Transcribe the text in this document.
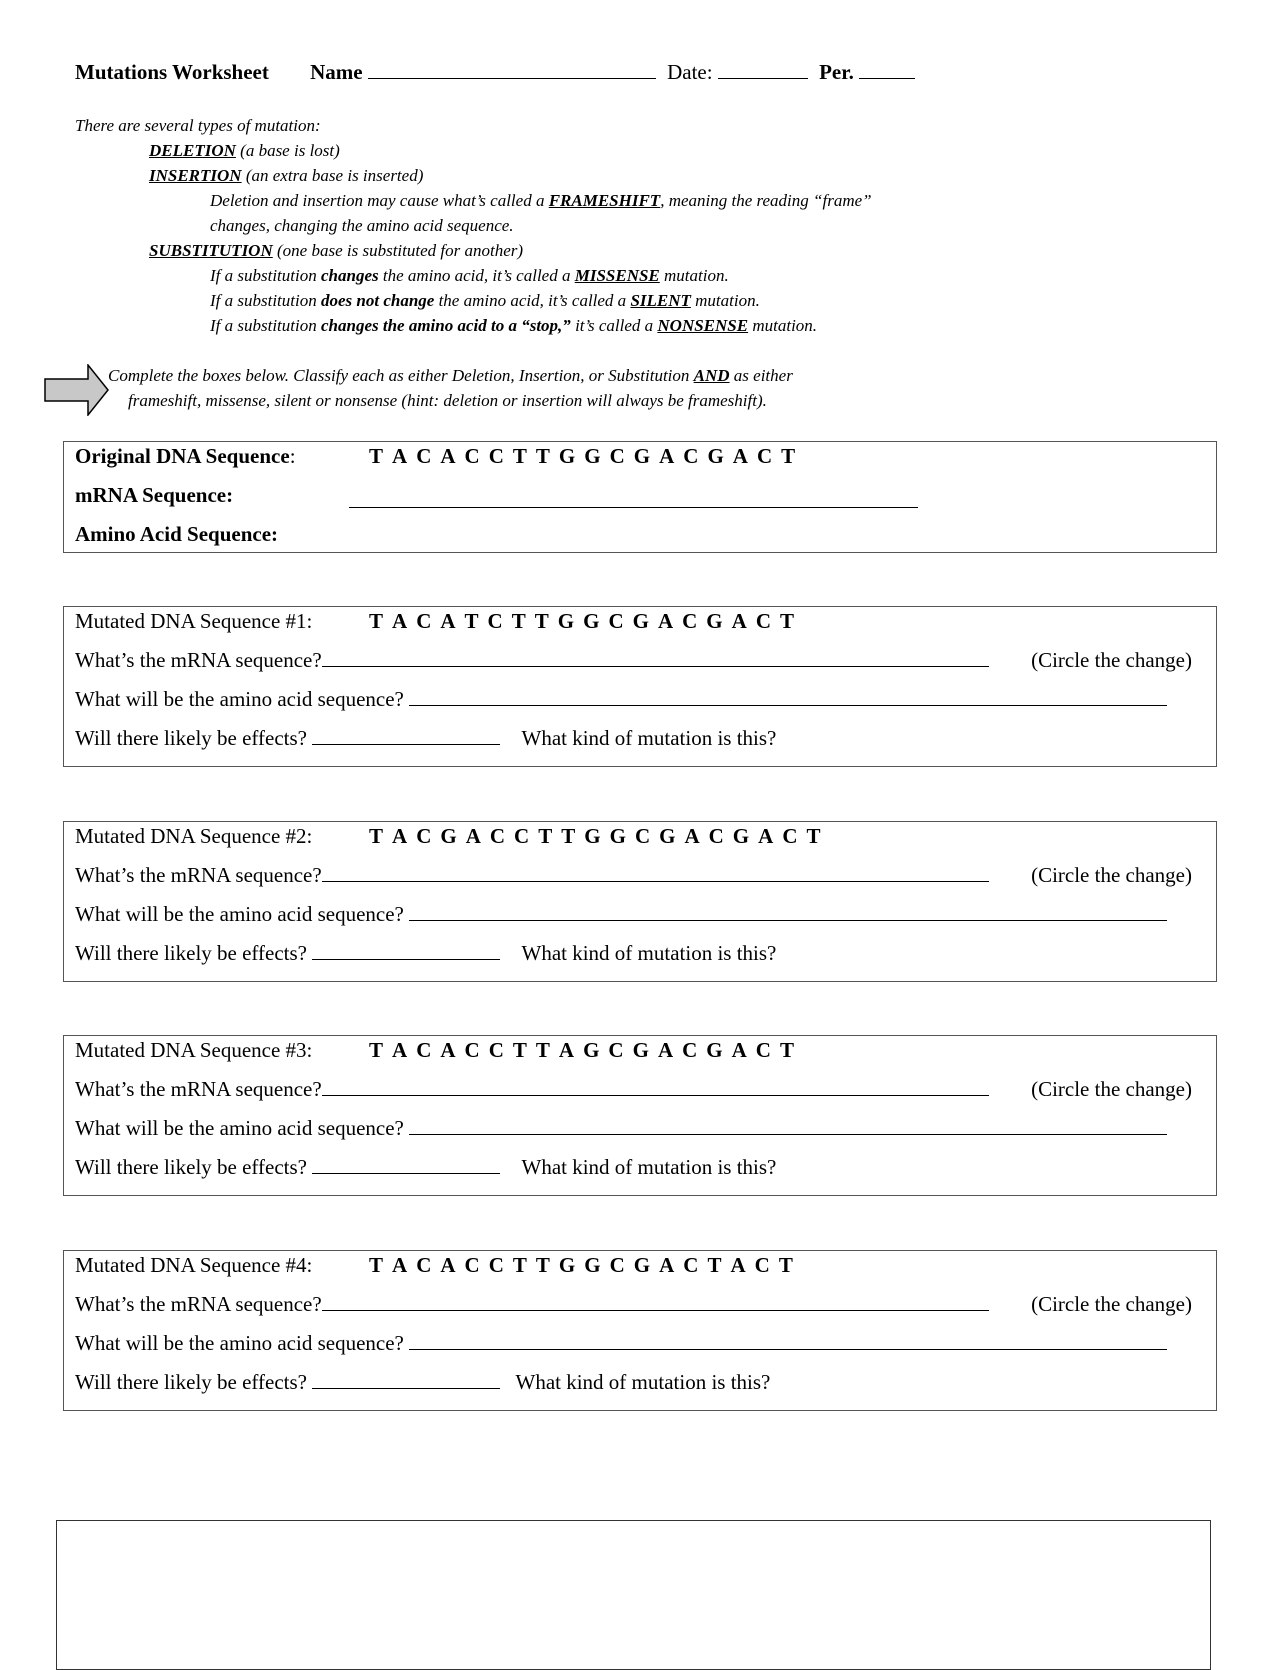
Mutations Worksheet Name	Date:	Per.
There are several types of mutation:
DELETION (a base is lost)
INSERTION (an extra base is inserted)
Deletion and insertion may cause what’s called a FRAMESHIFT, meaning the reading “frame”
changes, changing the amino acid sequence.
SUBSTITUTION (one base is substituted for another)
If a substitution changes the amino acid, it’s called a MISSENSE mutation.
If a substitution does not change the amino acid, it’s called a SILENT mutation.
If a substitution changes the amino acid to a “stop,” it’s called a NONSENSE mutation.
Complete the boxes below. Classify each as either Deletion, Insertion, or Substitution AND as either
frameshift, missense, silent or nonsense (hint: deletion or insertion will always be frameshift).
Original DNA Sequence:	T A C A C C T T G G C G A C G A C T
mRNA Sequence:
Amino Acid Sequence:
Mutated DNA Sequence #1:	T A C A T C T T G G C G A C G A C T
What’s the mRNA sequence?	(Circle the change)
What will be the amino acid sequence?
Will there likely be effects?	What kind of mutation is this?
Mutated DNA Sequence #2:	T A C G A C C T T G G C G A C G A C T
What’s the mRNA sequence?	(Circle the change)
What will be the amino acid sequence?
Will there likely be effects?	What kind of mutation is this?
Mutated DNA Sequence #3:	T A C A C C T T A G C G A C G A C T
What’s the mRNA sequence?	(Circle the change)
What will be the amino acid sequence?
Will there likely be effects?	What kind of mutation is this?
Mutated DNA Sequence #4:	T A C A C C T T G G C G A C T A C T
What’s the mRNA sequence?	(Circle the change)
What will be the amino acid sequence?
Will there likely be effects?	What kind of mutation is this?
